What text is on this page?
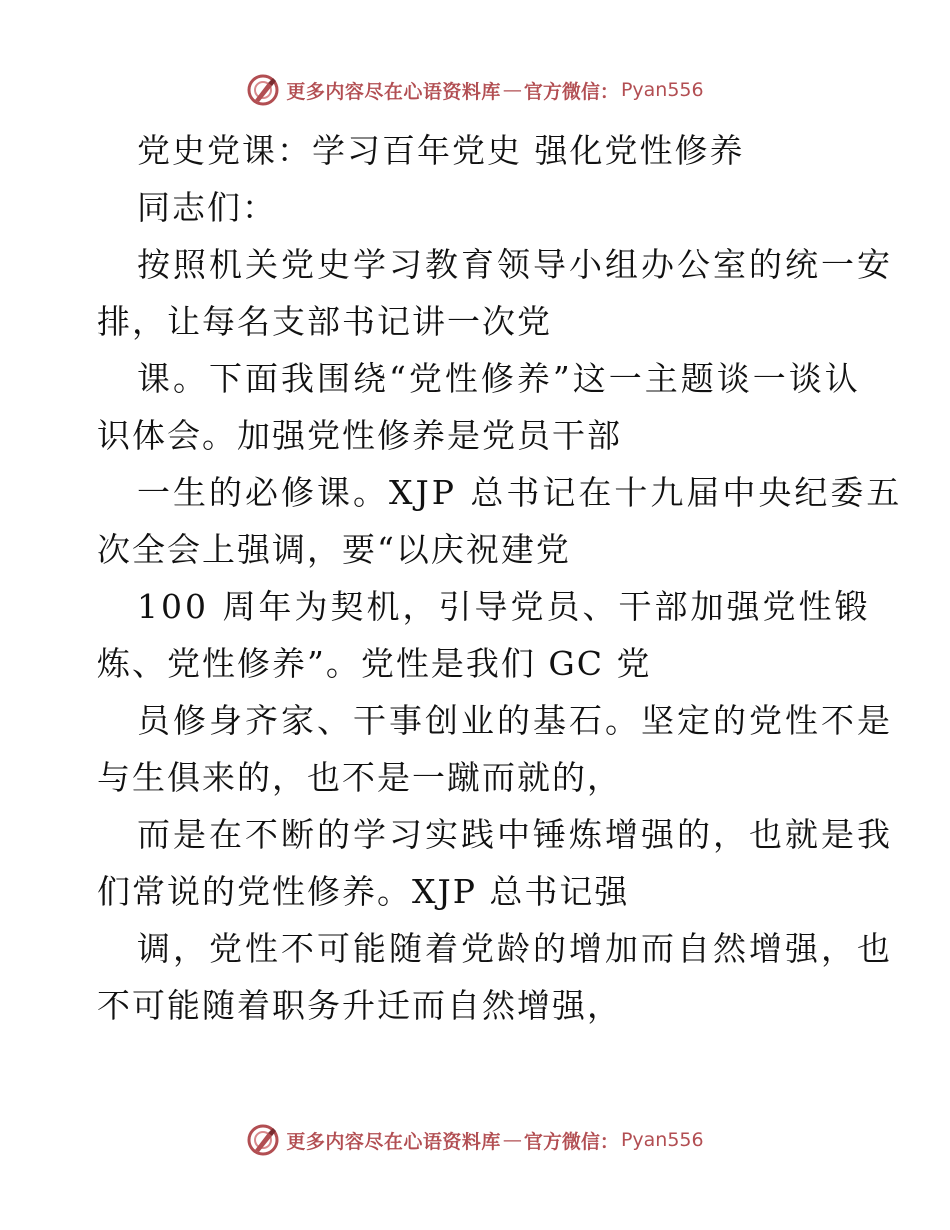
更多内容尽在心语资料库 — 官方微信： Pyan556
党史党课：学习百年党史 强化党性修养
同志们：
按照机关党史学习教育领导小组办公室的统一安
排，让每名支部书记讲一次党
课。下面我围绕“党性修养”这一主题谈一谈认
识体会。加强党性修养是党员干部
一生的必修课。XJP 总书记在十九届中央纪委五
次全会上强调，要“以庆祝建党
100 周年为契机，引导党员、干部加强党性锻
炼、党性修养”。党性是我们 GC 党
员修身齐家、干事创业的基石。坚定的党性不是
与生俱来的，也不是一蹴而就的，
而是在不断的学习实践中锤炼增强的，也就是我
们常说的党性修养。XJP 总书记强
调，党性不可能随着党龄的增加而自然增强，也
不可能随着职务升迁而自然增强，
更多内容尽在心语资料库 — 官方微信： Pyan556
